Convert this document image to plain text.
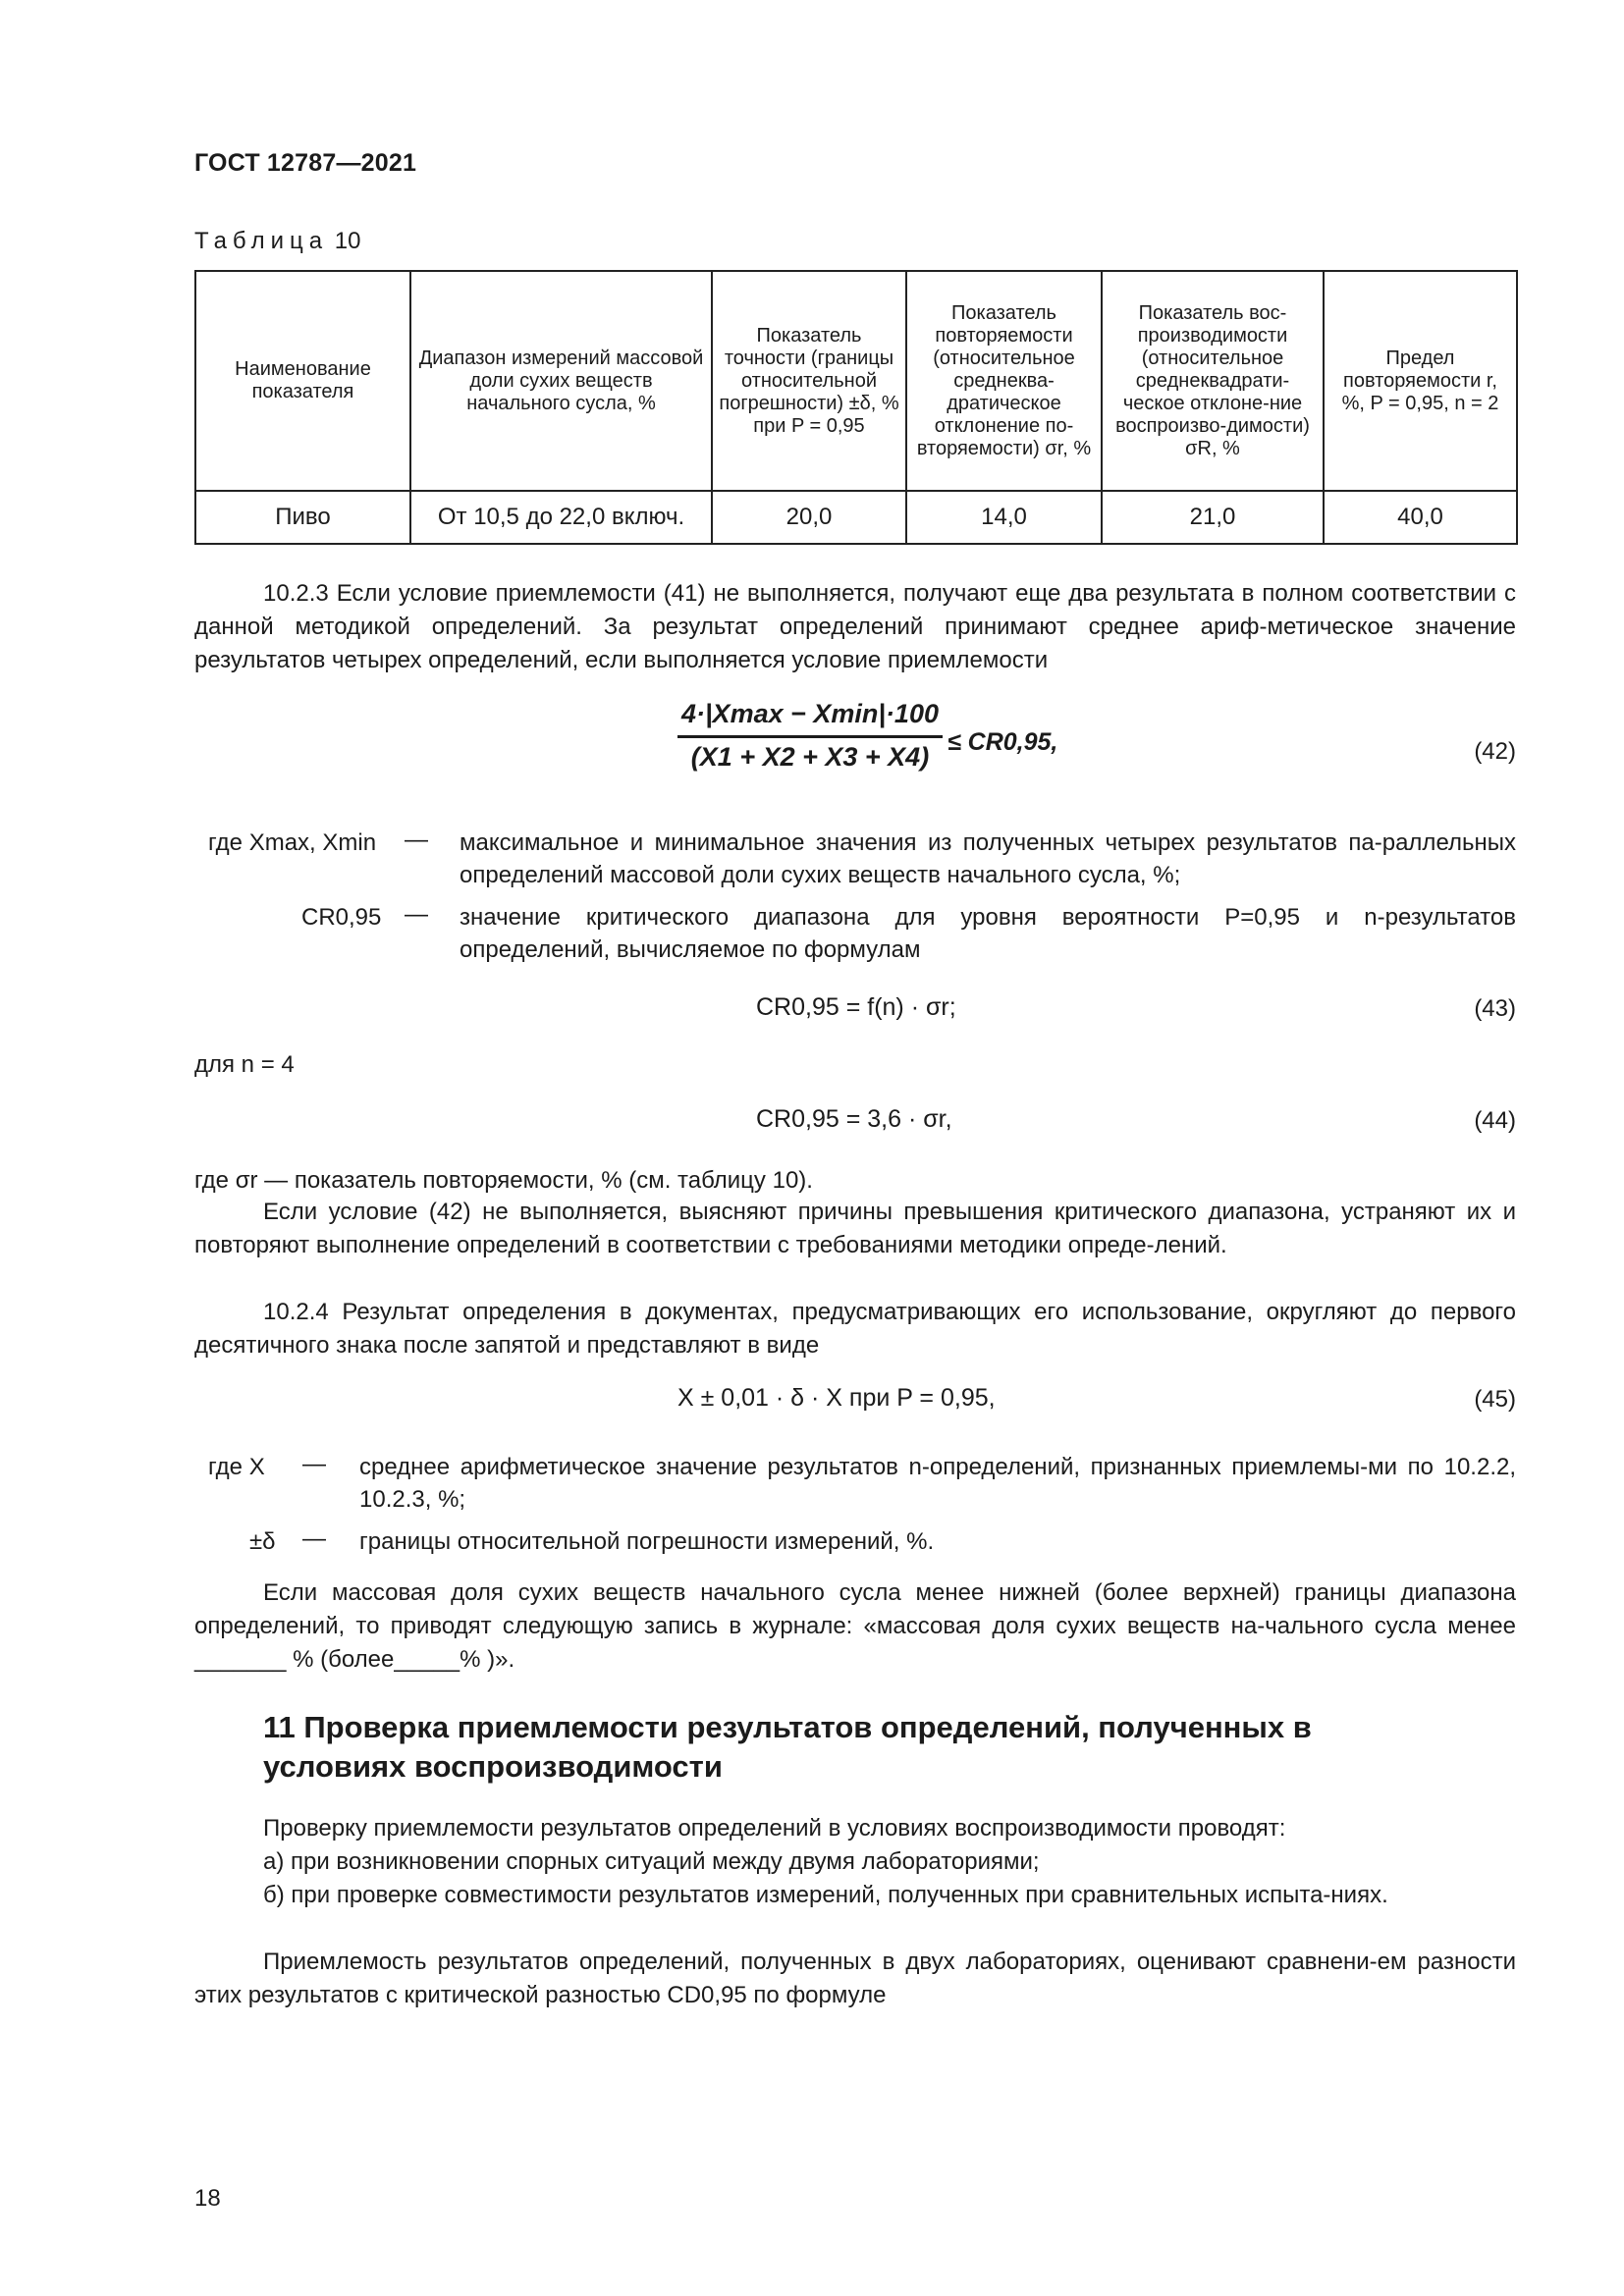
ГОСТ 12787—2021
Таблица 10
Наименование показателя	Диапазон измерений массовой доли сухих веществ начального сусла, %	Показатель точности (границы относительной погрешности) ±δ, % при P = 0,95	Показатель повторяемости (относительное среднеква-дратическое отклонение по-вторяемости) σr, %	Показатель вос-производимости (относительное среднеквадрати-ческое отклоне-ние воспроизво-димости) σR, %	Предел повторяемости r, %, P = 0,95, n = 2
Пиво	От 10,5 до 22,0 включ.	20,0	14,0	21,0	40,0
10.2.3 Если условие приемлемости (41) не выполняется, получают еще два результата в полном соответствии с данной методикой определений. За результат определений принимают среднее ариф-метическое значение результатов четырех определений, если выполняется условие приемлемости
4·|Xmax − Xmin|·100
(X1 + X2 + X3 + X4) ≤ CR0,95,	(42)
где Xmax, Xmin — максимальное и минимальное значения из полученных четырех результатов па-раллельных определений массовой доли сухих веществ начального сусла, %;
CR0,95 — значение критического диапазона для уровня вероятности P=0,95 и n-результатов определений, вычисляемое по формулам
CR0,95 = f(n) · σr;	(43)
для n = 4
CR0,95 = 3,6 · σr,	(44)
где σr — показатель повторяемости, % (см. таблицу 10).
Если условие (42) не выполняется, выясняют причины превышения критического диапазона, устраняют их и повторяют выполнение определений в соответствии с требованиями методики опреде-лений.
10.2.4 Результат определения в документах, предусматривающих его использование, округляют до первого десятичного знака после запятой и представляют в виде
X ± 0,01 · δ · X при P = 0,95,	(45)
где X — среднее арифметическое значение результатов n-определений, признанных приемлемы-ми по 10.2.2, 10.2.3, %;
±δ — границы относительной погрешности измерений, %.
Если массовая доля сухих веществ начального сусла менее нижней (более верхней) границы диапазона определений, то приводят следующую запись в журнале: «массовая доля сухих веществ на-чального сусла менее _______ % (более_____% )».
11 Проверка приемлемости результатов определений, полученных в условиях воспроизводимости
Проверку приемлемости результатов определений в условиях воспроизводимости проводят:
а) при возникновении спорных ситуаций между двумя лабораториями;
б) при проверке совместимости результатов измерений, полученных при сравнительных испыта-ниях.
Приемлемость результатов определений, полученных в двух лабораториях, оценивают сравнени-ем разности этих результатов с критической разностью CD0,95 по формуле
18
